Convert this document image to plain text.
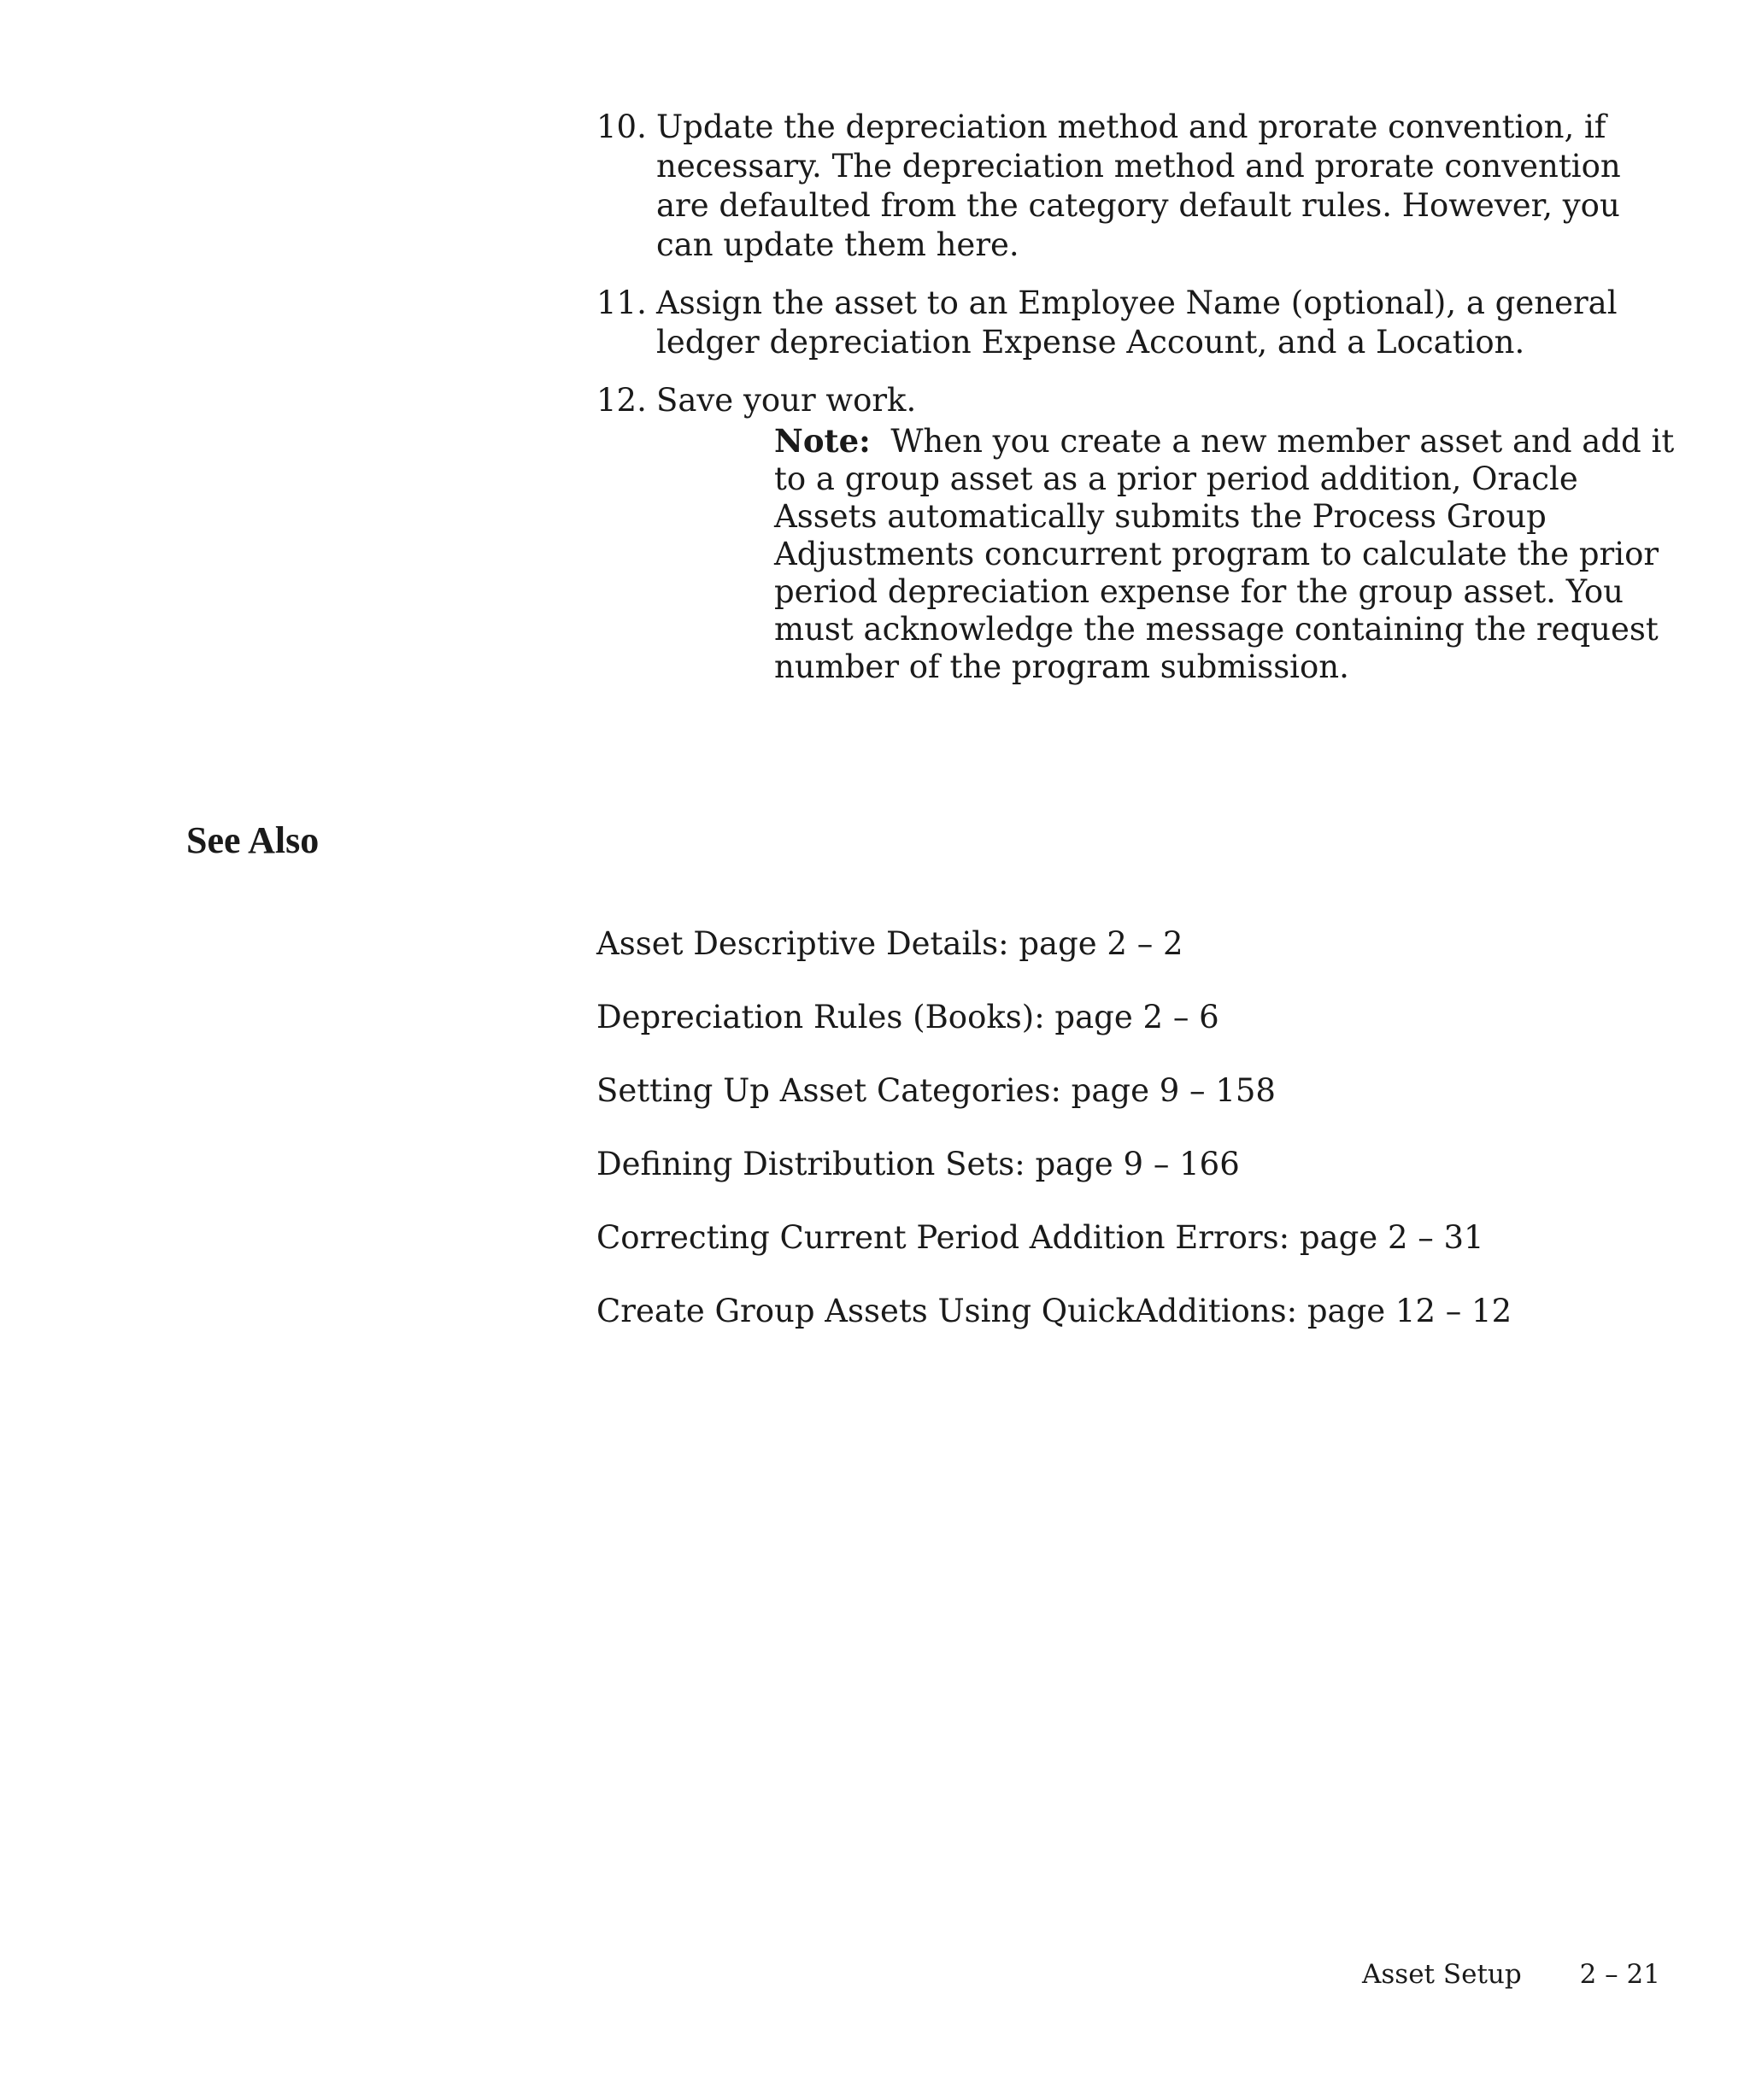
10. Update the depreciation method and prorate convention, if necessary. The depreciation method and prorate convention are defaulted from the category default rules. However, you can update them here.
11. Assign the asset to an Employee Name (optional), a general ledger depreciation Expense Account, and a Location.
12. Save your work.
Note: When you create a new member asset and add it to a group asset as a prior period addition, Oracle Assets automatically submits the Process Group Adjustments concurrent program to calculate the prior period depreciation expense for the group asset. You must acknowledge the message containing the request number of the program submission.
See Also
Asset Descriptive Details: page 2 – 2
Depreciation Rules (Books): page 2 – 6
Setting Up Asset Categories: page 9 – 158
Defining Distribution Sets: page 9 – 166
Correcting Current Period Addition Errors: page 2 – 31
Create Group Assets Using QuickAdditions: page 12 – 12
Asset Setup 2 – 21
